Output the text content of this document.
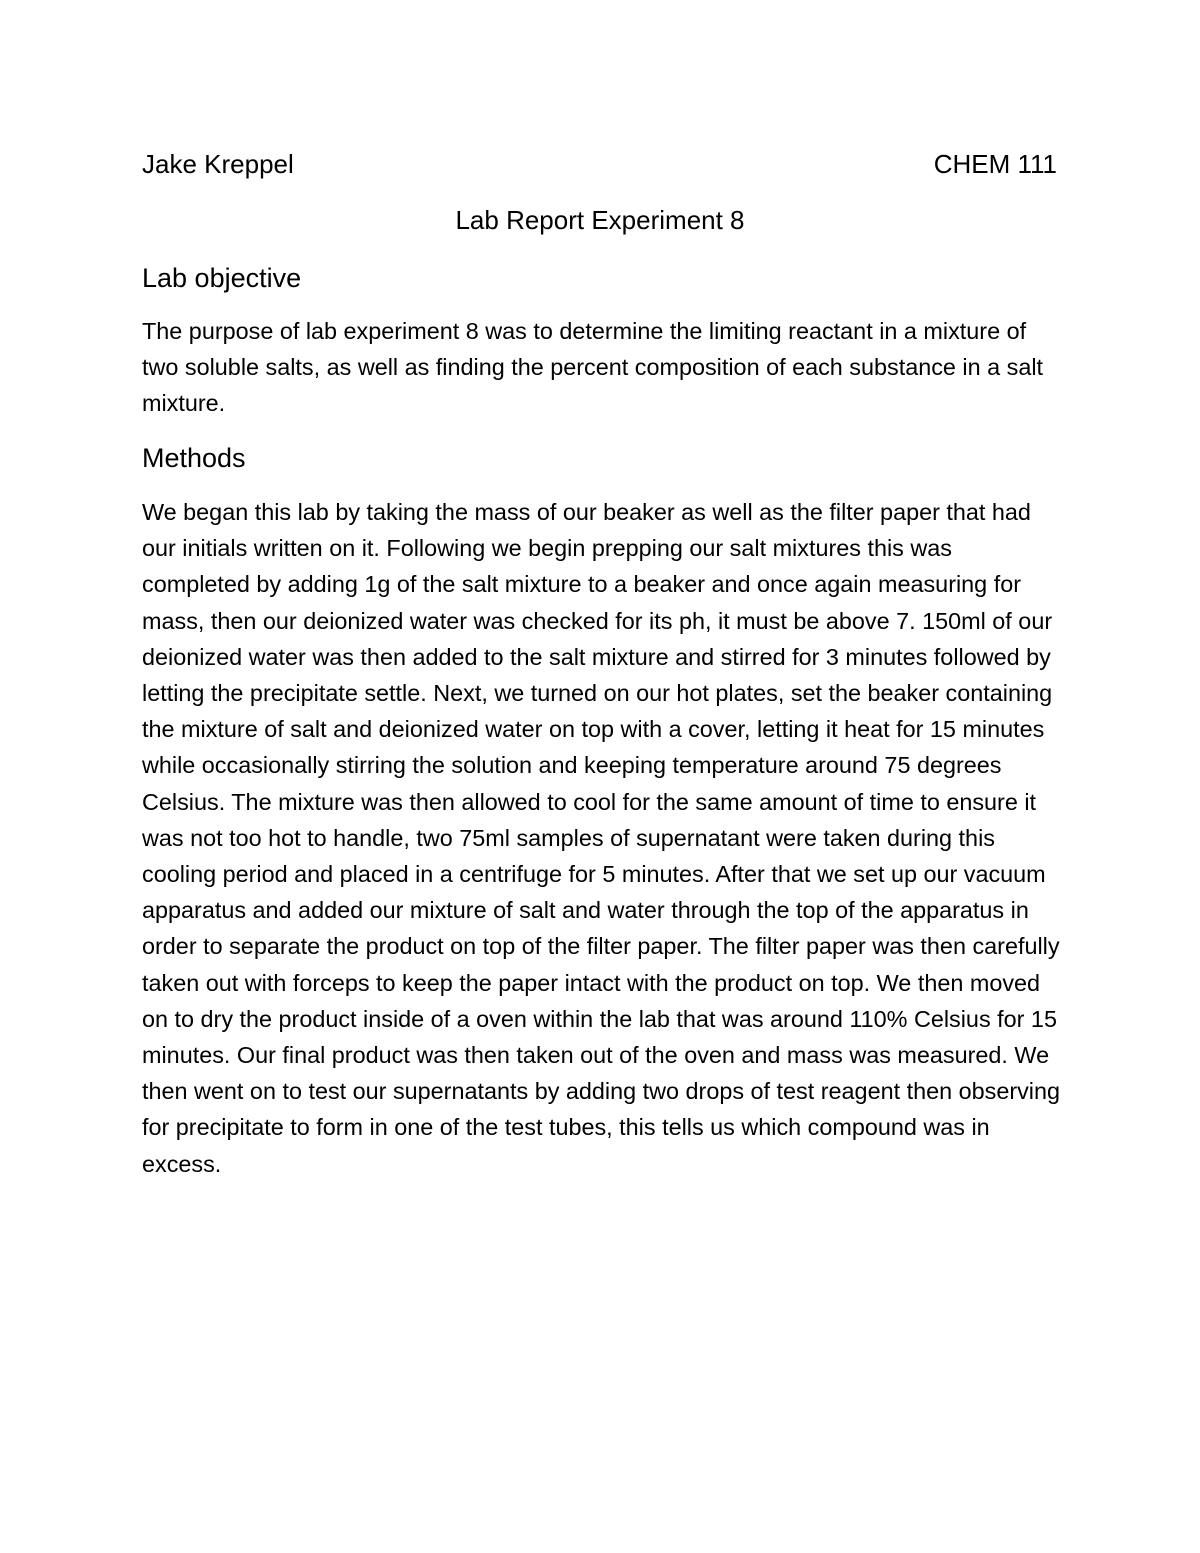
Jake Kreppel	CHEM 111
Lab Report Experiment 8
Lab objective
The purpose of lab experiment 8 was to determine the limiting reactant in a mixture of two soluble salts, as well as finding the percent composition of each substance in a salt mixture.
Methods
We began this lab by taking the mass of our beaker as well as the filter paper that had our initials written on it. Following we begin prepping our salt mixtures this was completed by adding 1g of the salt mixture to a beaker and once again measuring for mass, then our deionized water was checked for its ph, it must be above 7. 150ml of our deionized water was then added to the salt mixture and stirred for 3 minutes followed by letting the precipitate settle. Next, we turned on our hot plates, set the beaker containing the mixture of salt and deionized water on top with a cover, letting it heat for 15 minutes while occasionally stirring the solution and keeping temperature around 75 degrees Celsius. The mixture was then allowed to cool for the same amount of time to ensure it was not too hot to handle, two 75ml samples of supernatant were taken during this cooling period and placed in a centrifuge for 5 minutes. After that we set up our vacuum apparatus and added our mixture of salt and water through the top of the apparatus in order to separate the product on top of the filter paper. The filter paper was then carefully taken out with forceps to keep the paper intact with the product on top. We then moved on to dry the product inside of a oven within the lab that was around 110% Celsius for 15 minutes. Our final product was then taken out of the oven and mass was measured. We then went on to test our supernatants by adding two drops of test reagent then observing for precipitate to form in one of the test tubes, this tells us which compound was in excess.
